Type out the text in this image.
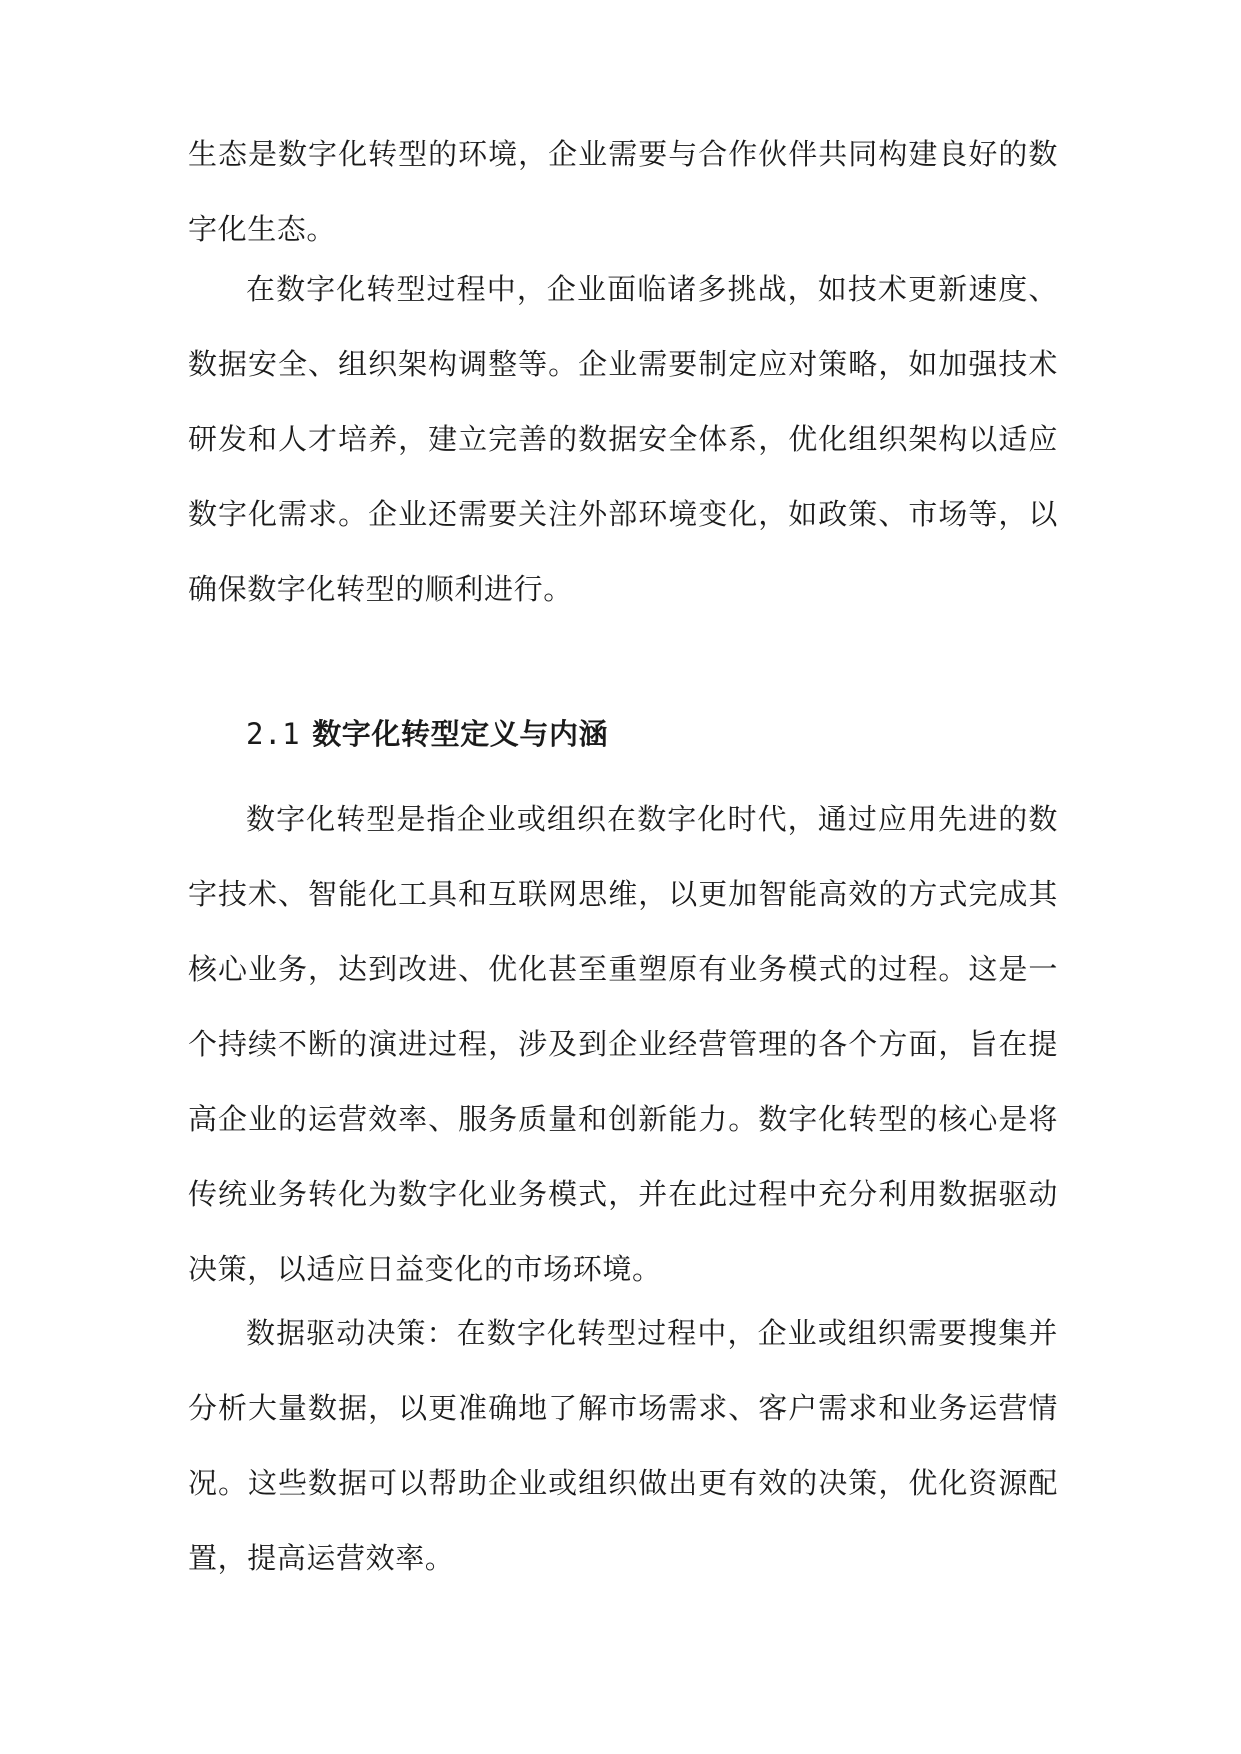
生态是数字化转型的环境，企业需要与合作伙伴共同构建良好的数字化生态。

在数字化转型过程中，企业面临诸多挑战，如技术更新速度、数据安全、组织架构调整等。企业需要制定应对策略，如加强技术研发和人才培养，建立完善的数据安全体系，优化组织架构以适应数字化需求。企业还需要关注外部环境变化，如政策、市场等，以确保数字化转型的顺利进行。

2.1 数字化转型定义与内涵

数字化转型是指企业或组织在数字化时代，通过应用先进的数字技术、智能化工具和互联网思维，以更加智能高效的方式完成其核心业务，达到改进、优化甚至重塑原有业务模式的过程。这是一个持续不断的演进过程，涉及到企业经营管理的各个方面，旨在提高企业的运营效率、服务质量和创新能力。数字化转型的核心是将传统业务转化为数字化业务模式，并在此过程中充分利用数据驱动决策，以适应日益变化的市场环境。

数据驱动决策：在数字化转型过程中，企业或组织需要搜集并分析大量数据，以更准确地了解市场需求、客户需求和业务运营情况。这些数据可以帮助企业或组织做出更有效的决策，优化资源配置，提高运营效率。
